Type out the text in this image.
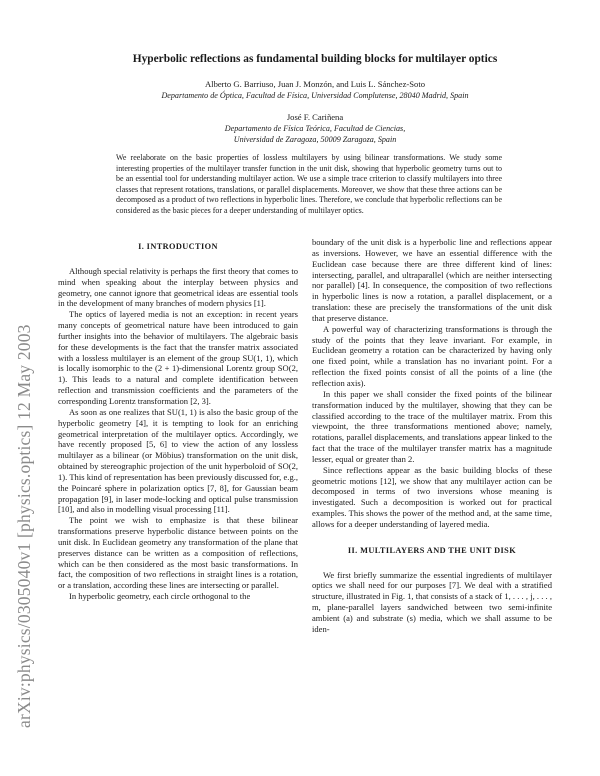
arXiv:physics/0305040v1 [physics.optics] 12 May 2003
Hyperbolic reflections as fundamental building blocks for multilayer optics
Alberto G. Barriuso, Juan J. Monzón, and Luis L. Sánchez-Soto
Departamento de Óptica, Facultad de Física, Universidad Complutense, 28040 Madrid, Spain
José F. Cariñena
Departamento de Física Teórica, Facultad de Ciencias,
Universidad de Zaragoza, 50009 Zaragoza, Spain
We reelaborate on the basic properties of lossless multilayers by using bilinear transformations. We study some interesting properties of the multilayer transfer function in the unit disk, showing that hyperbolic geometry turns out to be an essential tool for understanding multilayer action. We use a simple trace criterion to classify multilayers into three classes that represent rotations, translations, or parallel displacements. Moreover, we show that these three actions can be decomposed as a product of two reflections in hyperbolic lines. Therefore, we conclude that hyperbolic reflections can be considered as the basic pieces for a deeper understanding of multilayer optics.
I. INTRODUCTION

Although special relativity is perhaps the first theory that comes to mind when speaking about the interplay between physics and geometry, one cannot ignore that geometrical ideas are essential tools in the development of many branches of modern physics [1].

The optics of layered media is not an exception: in recent years many concepts of geometrical nature have been introduced to gain further insights into the behavior of multilayers. The algebraic basis for these developments is the fact that the transfer matrix associated with a lossless multilayer is an element of the group SU(1, 1), which is locally isomorphic to the (2 + 1)-dimensional Lorentz group SO(2, 1). This leads to a natural and complete identification between reflection and transmission coefficients and the parameters of the corresponding Lorentz transformation [2, 3].

As soon as one realizes that SU(1, 1) is also the basic group of the hyperbolic geometry [4], it is tempting to look for an enriching geometrical interpretation of the multilayer optics. Accordingly, we have recently proposed [5, 6] to view the action of any lossless multilayer as a bilinear (or Möbius) transformation on the unit disk, obtained by stereographic projection of the unit hyperboloid of SO(2, 1). This kind of representation has been previously discussed for, e.g., the Poincaré sphere in polarization optics [7, 8], for Gaussian beam propagation [9], in laser mode-locking and optical pulse transmission [10], and also in modelling visual processing [11].

The point we wish to emphasize is that these bilinear transformations preserve hyperbolic distance between points on the unit disk. In Euclidean geometry any transformation of the plane that preserves distance can be written as a composition of reflections, which can be then considered as the most basic transformations. In fact, the composition of two reflections in straight lines is a rotation, or a translation, according these lines are intersecting or parallel.

In hyperbolic geometry, each circle orthogonal to the

boundary of the unit disk is a hyperbolic line and reflections appear as inversions. However, we have an essential difference with the Euclidean case because there are three different kind of lines: intersecting, parallel, and ultraparallel (which are neither intersecting nor parallel) [4]. In consequence, the composition of two reflections in hyperbolic lines is now a rotation, a parallel displacement, or a translation: these are precisely the transformations of the unit disk that preserve distance.

A powerful way of characterizing transformations is through the study of the points that they leave invariant. For example, in Euclidean geometry a rotation can be characterized by having only one fixed point, while a translation has no invariant point. For a reflection the fixed points consist of all the points of a line (the reflection axis).

In this paper we shall consider the fixed points of the bilinear transformation induced by the multilayer, showing that they can be classified according to the trace of the multilayer matrix. From this viewpoint, the three transformations mentioned above; namely, rotations, parallel displacements, and translations appear linked to the fact that the trace of the multilayer transfer matrix has a magnitude lesser, equal or greater than 2.

Since reflections appear as the basic building blocks of these geometric motions [12], we show that any multilayer action can be decomposed in terms of two inversions whose meaning is investigated. Such a decomposition is worked out for practical examples. This shows the power of the method and, at the same time, allows for a deeper understanding of layered media.

II. MULTILAYERS AND THE UNIT DISK

We first briefly summarize the essential ingredients of multilayer optics we shall need for our purposes [7]. We deal with a stratified structure, illustrated in Fig. 1, that consists of a stack of 1, . . . , j, . . . , m, plane-parallel layers sandwiched between two semi-infinite ambient (a) and substrate (s) media, which we shall assume to be iden-
